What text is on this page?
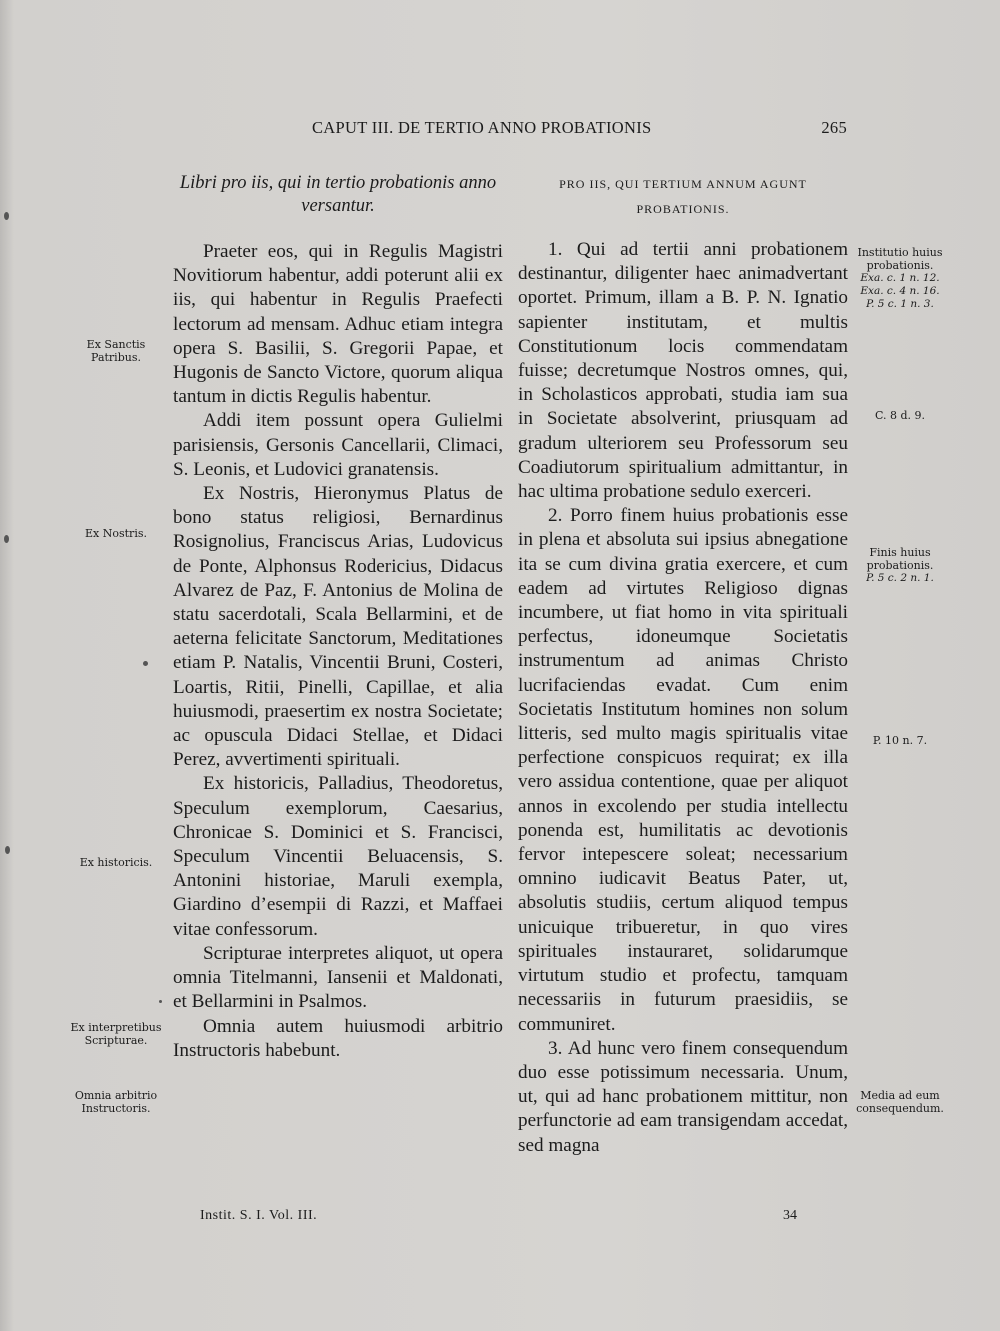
CAPUT III. DE TERTIO ANNO PROBATIONIS	265
Ex Sanctis Patribus.
Ex Nostris.
Ex historicis.
Ex interpretibus Scripturae.
Omnia arbitrio Instructoris.

Libri pro iis, qui in tertio probationis anno versantur.

Praeter eos, qui in Regulis Magistri Novitiorum habentur, addi poterunt alii ex iis, qui habentur in Regulis Praefecti lectorum ad mensam. Adhuc etiam integra opera S. Basilii, S. Gregorii Papae, et Hugonis de Sancto Victore, quorum aliqua tantum in dictis Regulis habentur.

Addi item possunt opera Gulielmi parisiensis, Gersonis Cancellarii, Climaci, S. Leonis, et Ludovici granatensis.

Ex Nostris, Hieronymus Platus de bono status religiosi, Bernardinus Rosignolius, Franciscus Arias, Ludovicus de Ponte, Alphonsus Rodericius, Didacus Alvarez de Paz, F. Antonius de Molina de statu sacerdotali, Scala Bellarmini, et de aeterna felicitate Sanctorum, Meditationes etiam P. Natalis, Vincentii Bruni, Costeri, Loartis, Ritii, Pinelli, Capillae, et alia huiusmodi, praesertim ex nostra Societate; ac opuscula Didaci Stellae, et Didaci Perez, avvertimenti spirituali.

Ex historicis, Palladius, Theodoretus, Speculum exemplorum, Caesarius, Chronicae S. Dominici et S. Francisci, Speculum Vincentii Beluacensis, S. Antonini historiae, Maruli exempla, Giardino d’esempii di Razzi, et Maffaei vitae confessorum.

Scripturae interpretes aliquot, ut opera omnia Titelmanni, Iansenii et Maldonati, et Bellarmini in Psalmos.

Omnia autem huiusmodi arbitrio Instructoris habebunt.

PRO IIS, QUI TERTIUM ANNUM AGUNT PROBATIONIS.

1. Qui ad tertii anni probationem destinantur, diligenter haec animadvertant oportet. Primum, illam a B. P. N. Ignatio sapienter institutam, et multis Constitutionum locis commendatam fuisse; decretumque Nostros omnes, qui, in Scholasticos approbati, studia iam sua in Societate absolverint, priusquam ad gradum ulteriorem seu Professorum seu Coadiutorum spiritualium admittantur, in hac ultima probatione sedulo exerceri.

2. Porro finem huius probationis esse in plena et absoluta sui ipsius abnegatione ita se cum divina gratia exercere, et cum eadem ad virtutes Religioso dignas incumbere, ut fiat homo in vita spirituali perfectus, idoneumque Societatis instrumentum ad animas Christo lucrifaciendas evadat. Cum enim Societatis Institutum homines non solum litteris, sed multo magis spiritualis vitae perfectione conspicuos requirat; ex illa vero assidua contentione, quae per aliquot annos in excolendo per studia intellectu ponenda est, humilitatis ac devotionis fervor intepescere soleat; necessarium omnino iudicavit Beatus Pater, ut, absolutis studiis, certum aliquod tempus unicuique tribueretur, in quo vires spirituales instauraret, solidarumque virtutum studio et profectu, tamquam necessariis in futurum praesidiis, se communiret.

3. Ad hunc vero finem consequendum duo esse potissimum necessaria. Unum, ut, qui ad hanc probationem mittitur, non perfunctorie ad eam transigendam accedat, sed magna

Institutio huius probationis.
Exa. c. 1 n. 12.
Exa. c. 4 n. 16.
P. 5 c. 1 n. 3.
C. 8 d. 9.
Finis huius probationis.
P. 5 c. 2 n. 1.
P. 10 n. 7.
Media ad eum consequendum.
Instit. S. I. Vol. III.	34
